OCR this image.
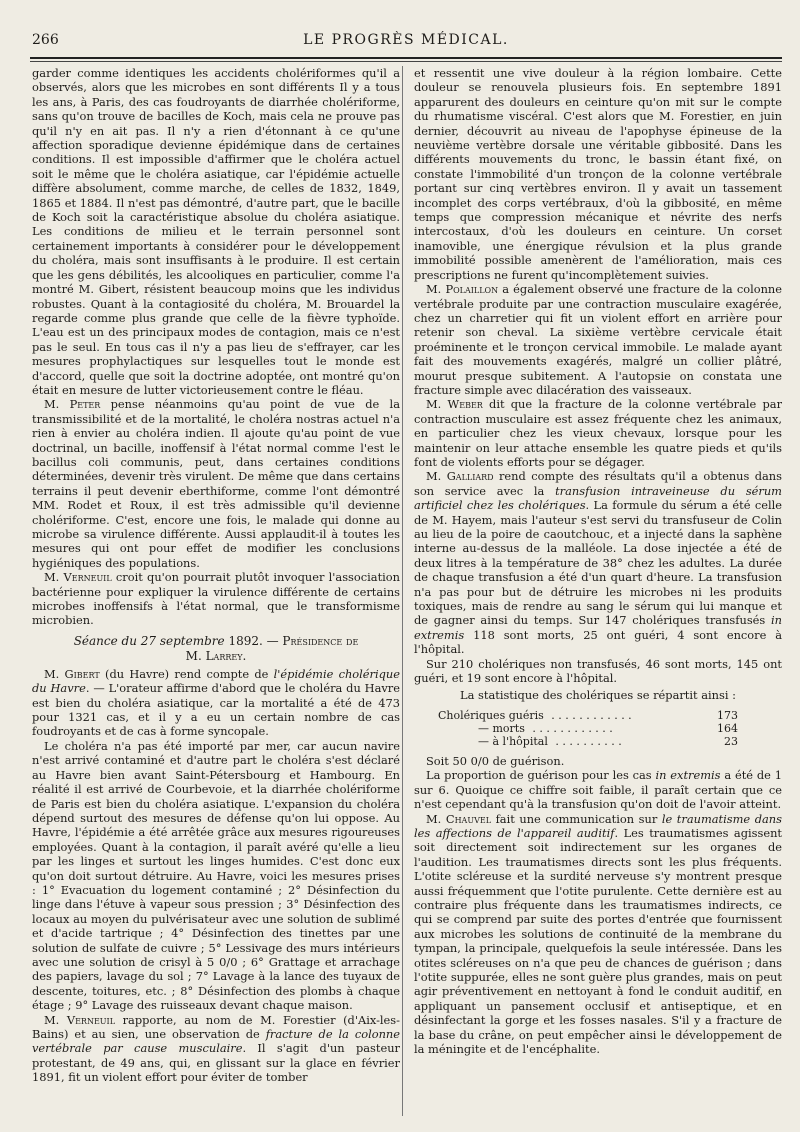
266	LE PROGRÈS MÉDICAL.

garder comme identiques les accidents cholériformes qu'il a observés, alors que les microbes en sont différents Il y a tous les ans, à Paris, des cas foudroyants de diarrhée cholériforme, sans qu'on trouve de bacilles de Koch, mais cela ne prouve pas qu'il n'y en ait pas. Il n'y a rien d'étonnant à ce qu'une affection sporadique devienne épidémique dans de certaines conditions. Il est impossible d'affirmer que le choléra actuel soit le même que le choléra asiatique, car l'épidémie actuelle diffère absolument, comme marche, de celles de 1832, 1849, 1865 et 1884. Il n'est pas démontré, d'autre part, que le bacille de Koch soit la caractéristique absolue du choléra asiatique. Les conditions de milieu et le terrain personnel sont certainement importants à considérer pour le développement du choléra, mais sont insuffisants à le produire. Il est certain que les gens débilités, les alcooliques en particulier, comme l'a montré M. Gibert, résistent beaucoup moins que les individus robustes. Quant à la contagiosité du choléra, M. Brouardel la regarde comme plus grande que celle de la fièvre typhoïde. L'eau est un des principaux modes de contagion, mais ce n'est pas le seul. En tous cas il n'y a pas lieu de s'effrayer, car les mesures prophylactiques sur lesquelles tout le monde est d'accord, quelle que soit la doctrine adoptée, ont montré qu'on était en mesure de lutter victorieusement contre le fléau.

M. Peter pense néanmoins qu'au point de vue de la transmissibilité et de la mortalité, le choléra nostras actuel n'a rien à envier au choléra indien. Il ajoute qu'au point de vue doctrinal, un bacille, inoffensif à l'état normal comme l'est le bacillus coli communis, peut, dans certaines conditions déterminées, devenir très virulent. De même que dans certains terrains il peut devenir eberthiforme, comme l'ont démontré MM. Rodet et Roux, il est très admissible qu'il devienne cholériforme. C'est, encore une fois, le malade qui donne au microbe sa virulence différente. Aussi applaudit-il à toutes les mesures qui ont pour effet de modifier les conclusions hygiéniques des populations.

M. Verneuil croit qu'on pourrait plutôt invoquer l'association bactérienne pour expliquer la virulence différente de certains microbes inoffensifs à l'état normal, que le transformisme microbien.

Séance du 27 septembre 1892. — Présidence de
M. Larrey.

M. Gibert (du Havre) rend compte de l'épidémie cholérique du Havre. — L'orateur affirme d'abord que le choléra du Havre est bien du choléra asiatique, car la mortalité a été de 473 pour 1321 cas, et il y a eu un certain nombre de cas foudroyants et de cas à forme syncopale.

Le choléra n'a pas été importé par mer, car aucun navire n'est arrivé contaminé et d'autre part le choléra s'est déclaré au Havre bien avant Saint-Pétersbourg et Hambourg. En réalité il est arrivé de Courbevoie, et la diarrhée cholériforme de Paris est bien du choléra asiatique. L'expansion du choléra dépend surtout des mesures de défense qu'on lui oppose. Au Havre, l'épidémie a été arrêtée grâce aux mesures rigoureuses employées. Quant à la contagion, il paraît avéré qu'elle a lieu par les linges et surtout les linges humides. C'est donc eux qu'on doit surtout détruire. Au Havre, voici les mesures prises : 1° Evacuation du logement contaminé ; 2° Désinfection du linge dans l'étuve à vapeur sous pression ; 3° Désinfection des locaux au moyen du pulvérisateur avec une solution de sublimé et d'acide tartrique ; 4° Désinfection des tinettes par une solution de sulfate de cuivre ; 5° Lessivage des murs intérieurs avec une solution de crisyl à 5 0/0 ; 6° Grattage et arrachage des papiers, lavage du sol ; 7° Lavage à la lance des tuyaux de descente, toitures, etc. ; 8° Désinfection des plombs à chaque étage ; 9° Lavage des ruisseaux devant chaque maison.

M. Verneuil rapporte, au nom de M. Forestier (d'Aix-les-Bains) et au sien, une observation de fracture de la colonne vertébrale par cause musculaire. Il s'agit d'un pasteur protestant, de 49 ans, qui, en glissant sur la glace en février 1891, fit un violent effort pour éviter de tomber

et ressentit une vive douleur à la région lombaire. Cette douleur se renouvela plusieurs fois. En septembre 1891 apparurent des douleurs en ceinture qu'on mit sur le compte du rhumatisme viscéral. C'est alors que M. Forestier, en juin dernier, découvrit au niveau de l'apophyse épineuse de la neuvième vertèbre dorsale une véritable gibbosité. Dans les différents mouvements du tronc, le bassin étant fixé, on constate l'immobilité d'un tronçon de la colonne vertébrale portant sur cinq vertèbres environ. Il y avait un tassement incomplet des corps vertébraux, d'où la gibbosité, en même temps que compression mécanique et névrite des nerfs intercostaux, d'où les douleurs en ceinture. Un corset inamovible, une énergique révulsion et la plus grande immobilité possible amenèrent de l'amélioration, mais ces prescriptions ne furent qu'incomplètement suivies.

M. Polaillon a également observé une fracture de la colonne vertébrale produite par une contraction musculaire exagérée, chez un charretier qui fit un violent effort en arrière pour retenir son cheval. La sixième vertèbre cervicale était proéminente et le tronçon cervical immobile. Le malade ayant fait des mouvements exagérés, malgré un collier plâtré, mourut presque subitement. A l'autopsie on constata une fracture simple avec dilacération des vaisseaux.

M. Weber dit que la fracture de la colonne vertébrale par contraction musculaire est assez fréquente chez les animaux, en particulier chez les vieux chevaux, lorsque pour les maintenir on leur attache ensemble les quatre pieds et qu'ils font de violents efforts pour se dégager.

M. Galliard rend compte des résultats qu'il a obtenus dans son service avec la transfusion intraveineuse du sérum artificiel chez les cholériques. La formule du sérum a été celle de M. Hayem, mais l'auteur s'est servi du transfuseur de Colin au lieu de la poire de caoutchouc, et a injecté dans la saphène interne au-dessus de la malléole. La dose injectée a été de deux litres à la température de 38° chez les adultes. La durée de chaque transfusion a été d'un quart d'heure. La transfusion n'a pas pour but de détruire les microbes ni les produits toxiques, mais de rendre au sang le sérum qui lui manque et de gagner ainsi du temps. Sur 147 cholériques transfusés in extremis 118 sont morts, 25 ont guéri, 4 sont encore à l'hôpital.

Sur 210 cholériques non transfusés, 46 sont morts, 145 ont guéri, et 19 sont encore à l'hôpital.

La statistique des cholériques se répartit ainsi :

Cholériques guéris . . . . . . . . . . . .	173
— morts . . . . . . . . . . . .	164
— à l'hôpital . . . . . . . . . .	23

Soit 50 0/0 de guérison.

La proportion de guérison pour les cas in extremis a été de 1 sur 6. Quoique ce chiffre soit faible, il paraît certain que ce n'est cependant qu'à la transfusion qu'on doit de l'avoir atteint.

M. Chauvel fait une communication sur le traumatisme dans les affections de l'appareil auditif. Les traumatismes agissent soit directement soit indirectement sur les organes de l'audition. Les traumatismes directs sont les plus fréquents. L'otite scléreuse et la surdité nerveuse s'y montrent presque aussi fréquemment que l'otite purulente. Cette dernière est au contraire plus fréquente dans les traumatismes indirects, ce qui se comprend par suite des portes d'entrée que fournissent aux microbes les solutions de continuité de la membrane du tympan, la principale, quelquefois la seule intéressée. Dans les otites scléreuses on n'a que peu de chances de guérison ; dans l'otite suppurée, elles ne sont guère plus grandes, mais on peut agir préventivement en nettoyant à fond le conduit auditif, en appliquant un pansement occlusif et antiseptique, et en désinfectant la gorge et les fosses nasales. S'il y a fracture de la base du crâne, on peut empêcher ainsi le développement de la méningite et de l'encéphalite.
